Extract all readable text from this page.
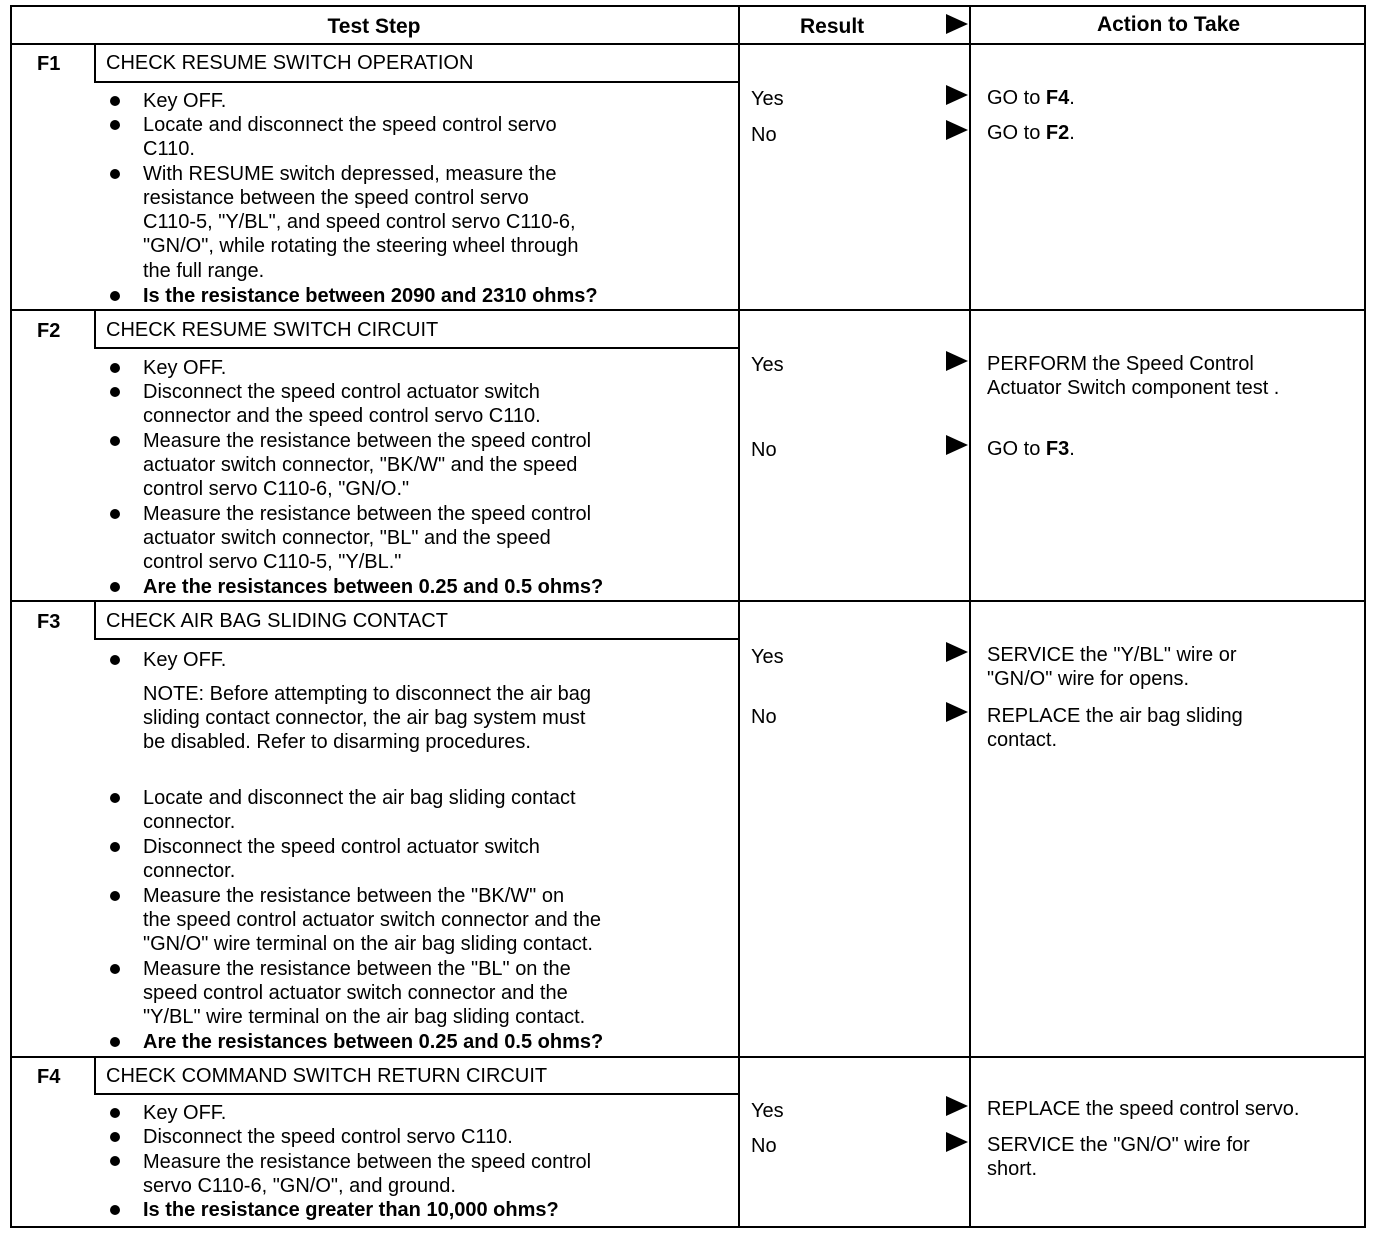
Test Step	Result	Action to Take
F1 CHECK RESUME SWITCH OPERATION
Key OFF.
Locate and disconnect the speed control servo
C110.
With RESUME switch depressed, measure the
resistance between the speed control servo
C110-5, "Y/BL", and speed control servo C110-6,
"GN/O", while rotating the steering wheel through
the full range.
Is the resistance between 2090 and 2310 ohms?
Yes	GO to F4.
No	GO to F2.
F2 CHECK RESUME SWITCH CIRCUIT
Key OFF.
Disconnect the speed control actuator switch
connector and the speed control servo C110.
Measure the resistance between the speed control
actuator switch connector, "BK/W" and the speed
control servo C110-6, "GN/O."
Measure the resistance between the speed control
actuator switch connector, "BL" and the speed
control servo C110-5, "Y/BL."
Are the resistances between 0.25 and 0.5 ohms?
Yes	PERFORM the Speed Control
Actuator Switch component test .
No	GO to F3.
F3 CHECK AIR BAG SLIDING CONTACT
Key OFF.
NOTE: Before attempting to disconnect the air bag
sliding contact connector, the air bag system must
be disabled. Refer to disarming procedures.
Locate and disconnect the air bag sliding contact
connector.
Disconnect the speed control actuator switch
connector.
Measure the resistance between the "BK/W" on
the speed control actuator switch connector and the
"GN/O" wire terminal on the air bag sliding contact.
Measure the resistance between the "BL" on the
speed control actuator switch connector and the
"Y/BL" wire terminal on the air bag sliding contact.
Are the resistances between 0.25 and 0.5 ohms?
Yes	SERVICE the "Y/BL" wire or
"GN/O" wire for opens.
No	REPLACE the air bag sliding
contact.
F4 CHECK COMMAND SWITCH RETURN CIRCUIT
Key OFF.
Disconnect the speed control servo C110.
Measure the resistance between the speed control
servo C110-6, "GN/O", and ground.
Is the resistance greater than 10,000 ohms?
Yes	REPLACE the speed control servo.
No	SERVICE the "GN/O" wire for
short.
